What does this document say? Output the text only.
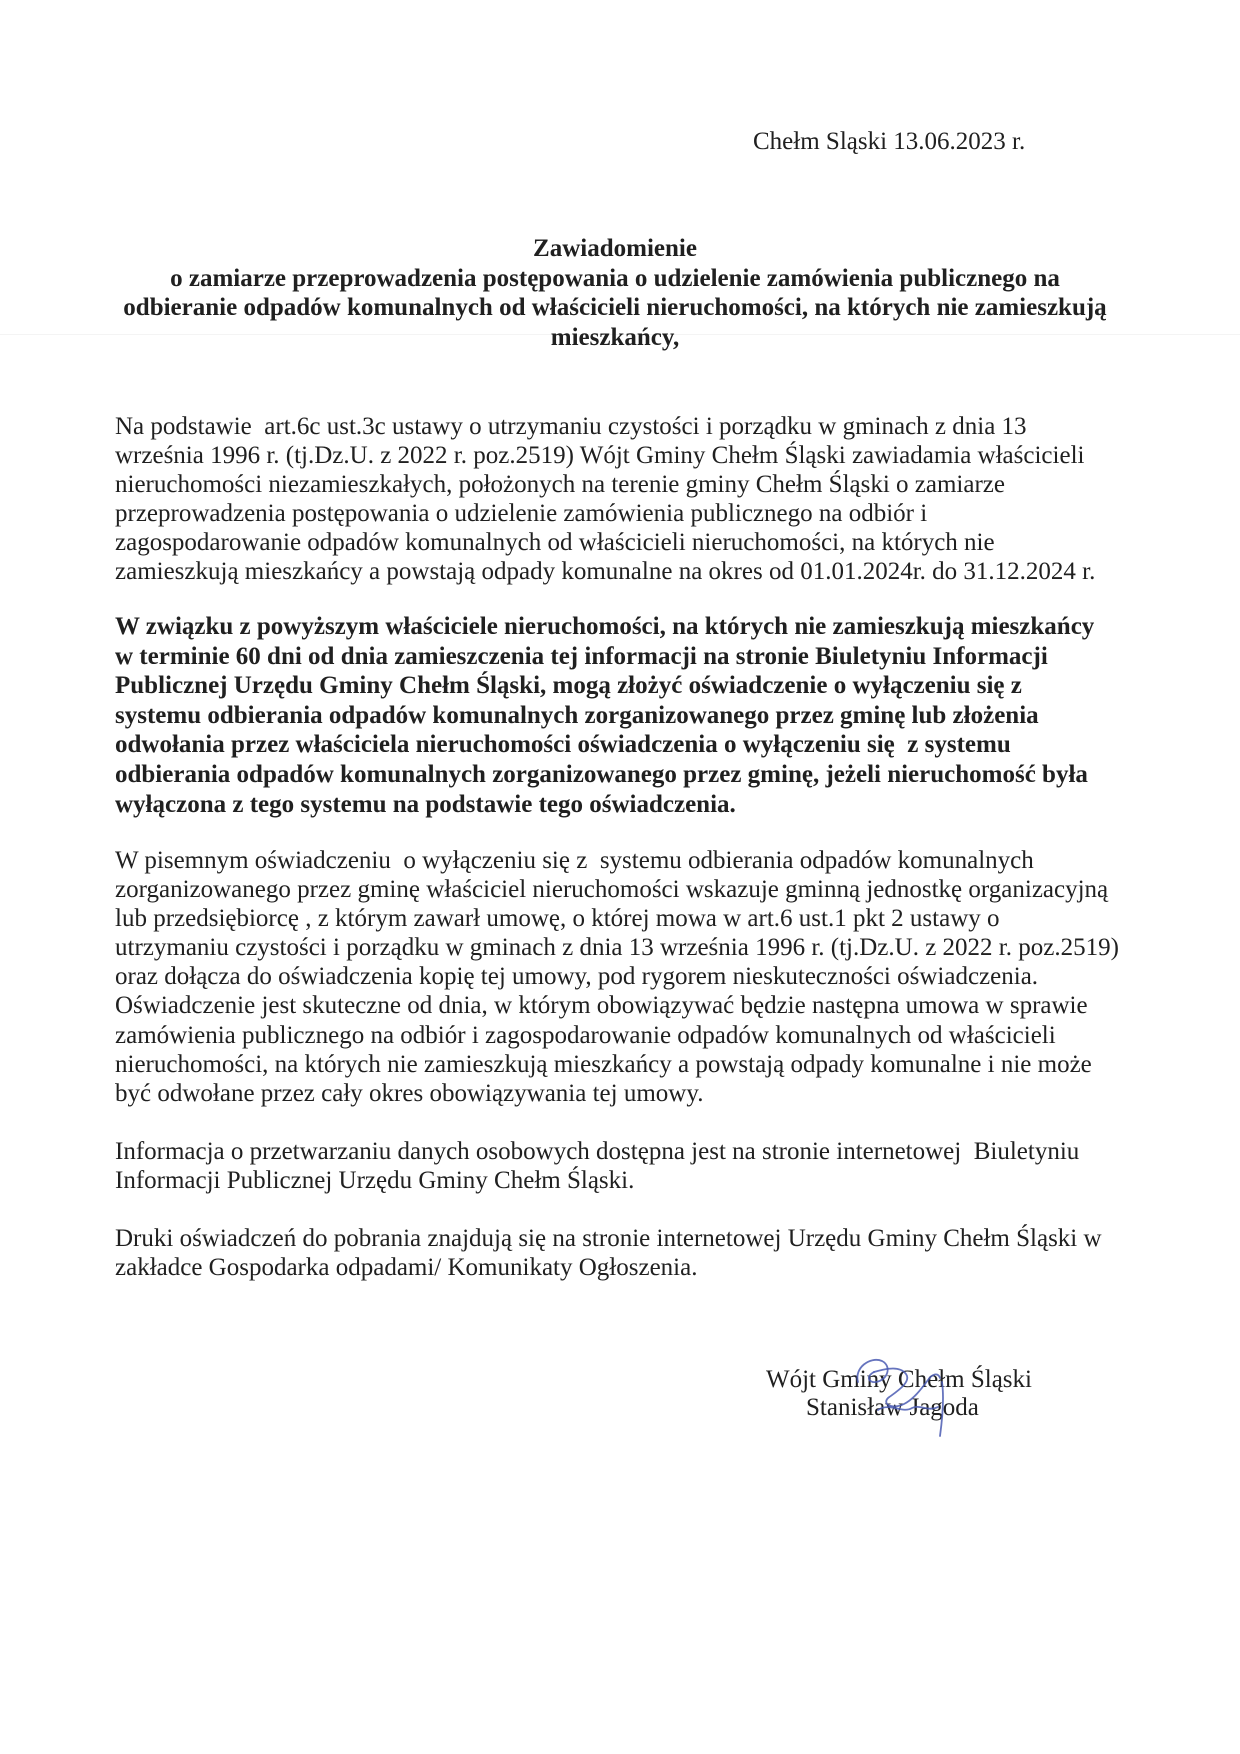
Chełm Sląski 13.06.2023 r.
Zawiadomienie
o zamiarze przeprowadzenia postępowania o udzielenie zamówienia publicznego na
odbieranie odpadów komunalnych od właścicieli nieruchomości, na których nie zamieszkują
mieszkańcy,
Na podstawie  art.6c ust.3c ustawy o utrzymaniu czystości i porządku w gminach z dnia 13
września 1996 r. (tj.Dz.U. z 2022 r. poz.2519) Wójt Gminy Chełm Śląski zawiadamia właścicieli
nieruchomości niezamieszkałych, położonych na terenie gminy Chełm Śląski o zamiarze
przeprowadzenia postępowania o udzielenie zamówienia publicznego na odbiór i
zagospodarowanie odpadów komunalnych od właścicieli nieruchomości, na których nie
zamieszkują mieszkańcy a powstają odpady komunalne na okres od 01.01.2024r. do 31.12.2024 r.
W związku z powyższym właściciele nieruchomości, na których nie zamieszkują mieszkańcy
w terminie 60 dni od dnia zamieszczenia tej informacji na stronie Biuletyniu Informacji
Publicznej Urzędu Gminy Chełm Śląski, mogą złożyć oświadczenie o wyłączeniu się z
systemu odbierania odpadów komunalnych zorganizowanego przez gminę lub złożenia
odwołania przez właściciela nieruchomości oświadczenia o wyłączeniu się  z systemu
odbierania odpadów komunalnych zorganizowanego przez gminę, jeżeli nieruchomość była
wyłączona z tego systemu na podstawie tego oświadczenia.
W pisemnym oświadczeniu  o wyłączeniu się z  systemu odbierania odpadów komunalnych
zorganizowanego przez gminę właściciel nieruchomości wskazuje gminną jednostkę organizacyjną
lub przedsiębiorcę , z którym zawarł umowę, o której mowa w art.6 ust.1 pkt 2 ustawy o
utrzymaniu czystości i porządku w gminach z dnia 13 września 1996 r. (tj.Dz.U. z 2022 r. poz.2519)
oraz dołącza do oświadczenia kopię tej umowy, pod rygorem nieskuteczności oświadczenia.
Oświadczenie jest skuteczne od dnia, w którym obowiązywać będzie następna umowa w sprawie
zamówienia publicznego na odbiór i zagospodarowanie odpadów komunalnych od właścicieli
nieruchomości, na których nie zamieszkują mieszkańcy a powstają odpady komunalne i nie może
być odwołane przez cały okres obowiązywania tej umowy.
Informacja o przetwarzaniu danych osobowych dostępna jest na stronie internetowej  Biuletyniu
Informacji Publicznej Urzędu Gminy Chełm Śląski.
Druki oświadczeń do pobrania znajdują się na stronie internetowej Urzędu Gminy Chełm Śląski w
zakładce Gospodarka odpadami/ Komunikaty Ogłoszenia.
Wójt Gminy Chełm Śląski
Stanisław Jagoda
